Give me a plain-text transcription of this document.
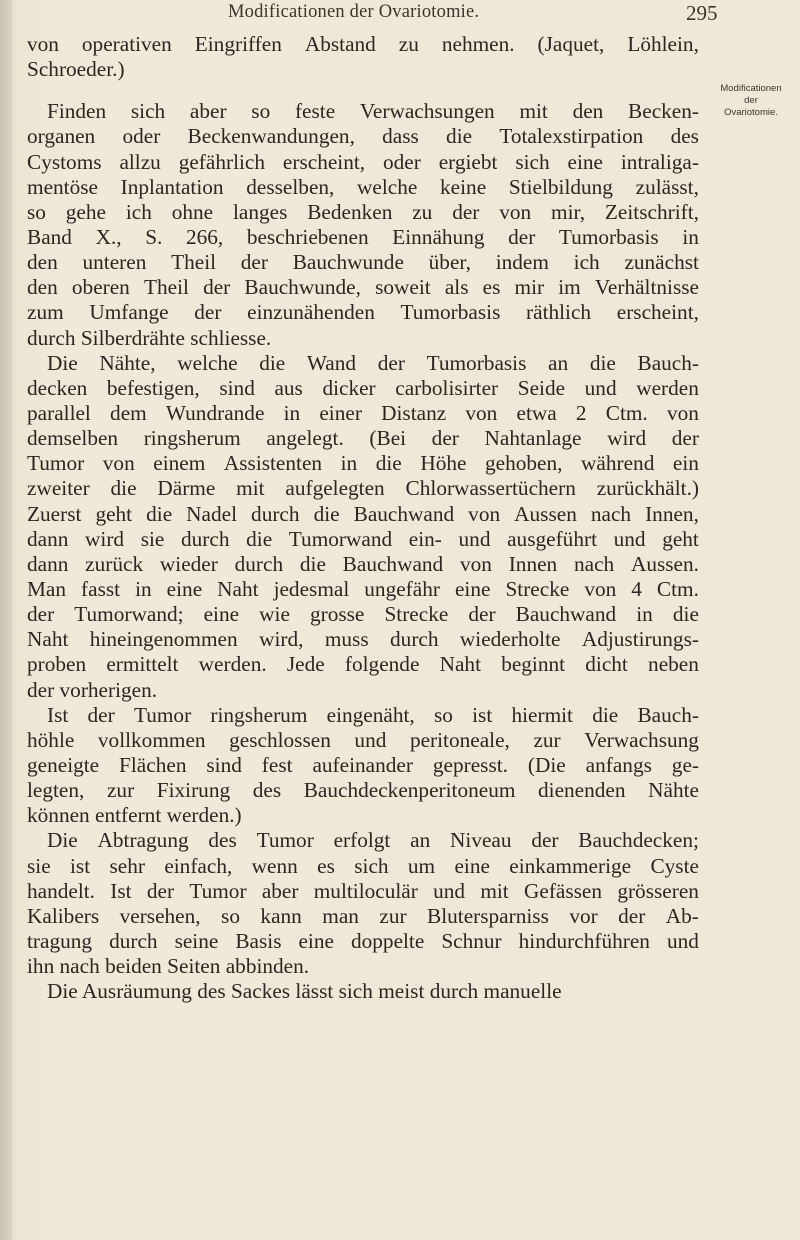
Modificationen der Ovariotomie.	295
Modificationen
der
Ovariotomie.
von operativen Eingriffen Abstand zu nehmen. (Jaquet, Löhlein,
Schroeder.)
Finden sich aber so feste Verwachsungen mit den Becken-
organen oder Beckenwandungen, dass die Totalexstirpation des
Cystoms allzu gefährlich erscheint, oder ergiebt sich eine intraliga-
mentöse Inplantation desselben, welche keine Stielbildung zulässt,
so gehe ich ohne langes Bedenken zu der von mir, Zeitschrift,
Band X., S. 266, beschriebenen Einnähung der Tumorbasis in
den unteren Theil der Bauchwunde über, indem ich zunächst
den oberen Theil der Bauchwunde, soweit als es mir im Verhältnisse
zum Umfange der einzunähenden Tumorbasis räthlich erscheint,
durch Silberdrähte schliesse.
Die Nähte, welche die Wand der Tumorbasis an die Bauch-
decken befestigen, sind aus dicker carbolisirter Seide und werden
parallel dem Wundrande in einer Distanz von etwa 2 Ctm. von
demselben ringsherum angelegt. (Bei der Nahtanlage wird der
Tumor von einem Assistenten in die Höhe gehoben, während ein
zweiter die Därme mit aufgelegten Chlorwassertüchern zurückhält.)
Zuerst geht die Nadel durch die Bauchwand von Aussen nach Innen,
dann wird sie durch die Tumorwand ein- und ausgeführt und geht
dann zurück wieder durch die Bauchwand von Innen nach Aussen.
Man fasst in eine Naht jedesmal ungefähr eine Strecke von 4 Ctm.
der Tumorwand; eine wie grosse Strecke der Bauchwand in die
Naht hineingenommen wird, muss durch wiederholte Adjustirungs-
proben ermittelt werden. Jede folgende Naht beginnt dicht neben
der vorherigen.
Ist der Tumor ringsherum eingenäht, so ist hiermit die Bauch-
höhle vollkommen geschlossen und peritoneale, zur Verwachsung
geneigte Flächen sind fest aufeinander gepresst. (Die anfangs ge-
legten, zur Fixirung des Bauchdeckenperitoneum dienenden Nähte
können entfernt werden.)
Die Abtragung des Tumor erfolgt an Niveau der Bauchdecken;
sie ist sehr einfach, wenn es sich um eine einkammerige Cyste
handelt. Ist der Tumor aber multiloculär und mit Gefässen grösseren
Kalibers versehen, so kann man zur Blutersparniss vor der Ab-
tragung durch seine Basis eine doppelte Schnur hindurchführen und
ihn nach beiden Seiten abbinden.
Die Ausräumung des Sackes lässt sich meist durch manuelle
